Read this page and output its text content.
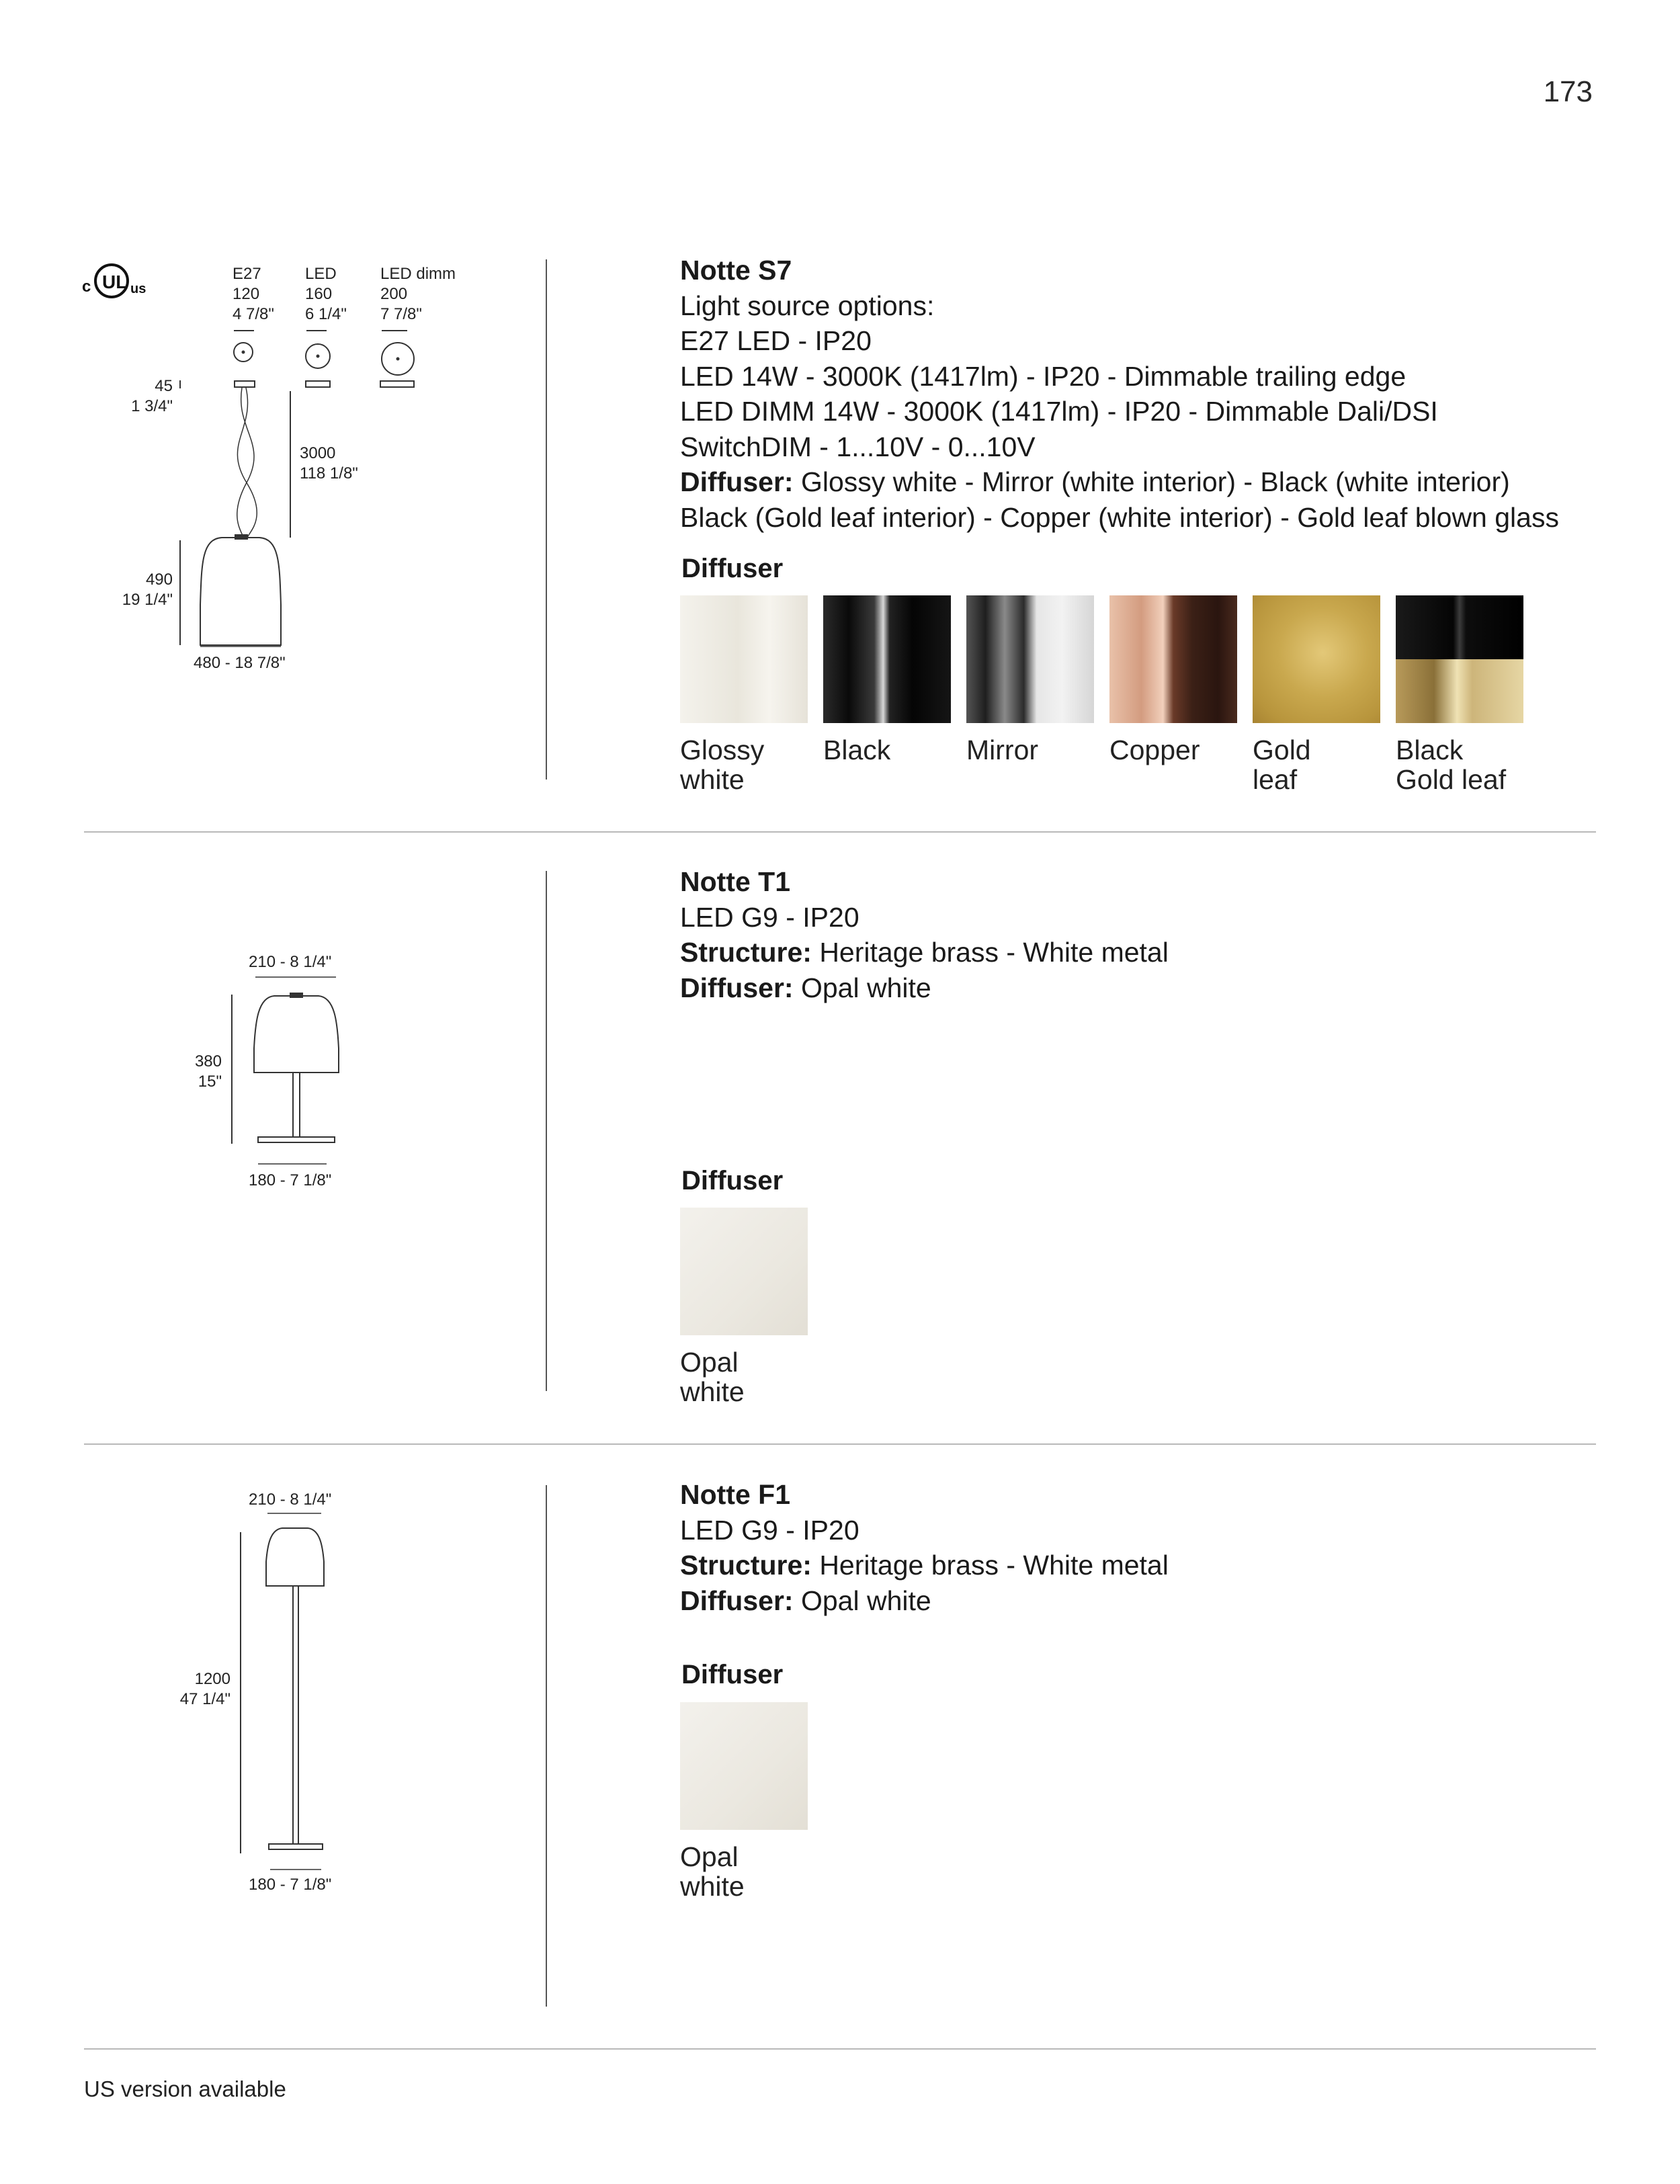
173
c UL us
E27
120
4 7/8"
LED
160
6 1/4"
LED dimm
200
7 7/8"
45
1 3/4"
3000
118 1/8"
490
19 1/4"
480 - 18 7/8"
Notte S7
Light source options:
E27 LED - IP20
LED 14W - 3000K (1417lm) - IP20 - Dimmable trailing edge
LED DIMM 14W - 3000K (1417lm) - IP20 - Dimmable Dali/DSI
SwitchDIM - 1...10V - 0...10V
Diffuser: Glossy white - Mirror (white interior) - Black (white interior)
Black (Gold leaf interior) - Copper (white interior) - Gold leaf blown glass
Diffuser
Glossy
white
Black	Mirror	Copper	Gold
leaf
Black
Gold leaf
210 - 8 1/4"
380
15"
180 - 7 1/8"
Notte T1
LED G9 - IP20
Structure: Heritage brass - White metal
Diffuser: Opal white
Diffuser
Opal
white
210 - 8 1/4"
1200
47 1/4"
180 - 7 1/8"
Notte F1
LED G9 - IP20
Structure: Heritage brass - White metal
Diffuser: Opal white
Diffuser
Opal
white
US version available
